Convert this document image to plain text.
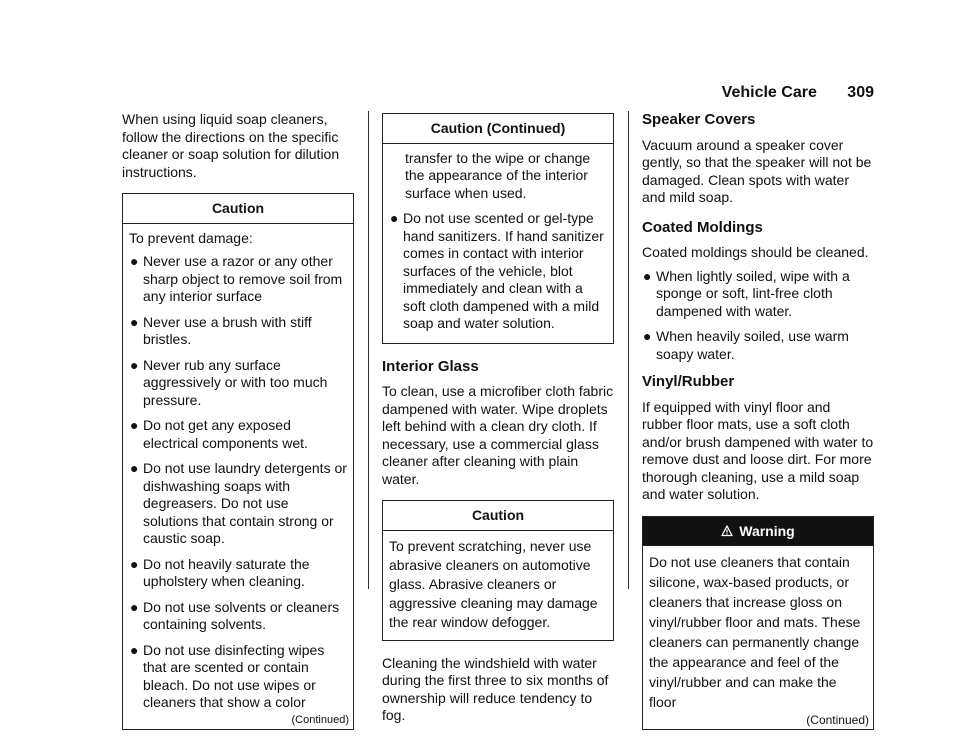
Vehicle Care 309

When using liquid soap cleaners, follow the directions on the specific cleaner or soap solution for dilution instructions.

Caution

To prevent damage:

● Never use a razor or any other sharp object to remove soil from any interior surface
● Never use a brush with stiff bristles.
● Never rub any surface aggressively or with too much pressure.
● Do not get any exposed electrical components wet.
● Do not use laundry detergents or dishwashing soaps with degreasers. Do not use solutions that contain strong or caustic soap.
● Do not heavily saturate the upholstery when cleaning.
● Do not use solvents or cleaners containing solvents.
● Do not use disinfecting wipes that are scented or contain bleach. Do not use wipes or cleaners that show a color
(Continued)
Caution (Continued)

transfer to the wipe or change the appearance of the interior surface when used.

● Do not use scented or gel-type hand sanitizers. If hand sanitizer comes in contact with interior surfaces of the vehicle, blot immediately and clean with a soft cloth dampened with a mild soap and water solution.
Interior Glass

To clean, use a microfiber cloth fabric dampened with water. Wipe droplets left behind with a clean dry cloth. If necessary, use a commercial glass cleaner after cleaning with plain water.

Caution

To prevent scratching, never use abrasive cleaners on automotive glass. Abrasive cleaners or aggressive cleaning may damage the rear window defogger.

Cleaning the windshield with water during the first three to six months of ownership will reduce tendency to fog.

Speaker Covers

Vacuum around a speaker cover gently, so that the speaker will not be damaged. Clean spots with water and mild soap.

Coated Moldings

Coated moldings should be cleaned.

● When lightly soiled, wipe with a sponge or soft, lint-free cloth dampened with water.
● When heavily soiled, use warm soapy water.
Vinyl/Rubber

If equipped with vinyl floor and rubber floor mats, use a soft cloth and/or brush dampened with water to remove dust and loose dirt. For more thorough cleaning, use a mild soap and water solution.

Warning

Do not use cleaners that contain silicone, wax-based products, or cleaners that increase gloss on vinyl/rubber floor and mats. These cleaners can permanently change the appearance and feel of the vinyl/rubber and can make the floor

(Continued)
